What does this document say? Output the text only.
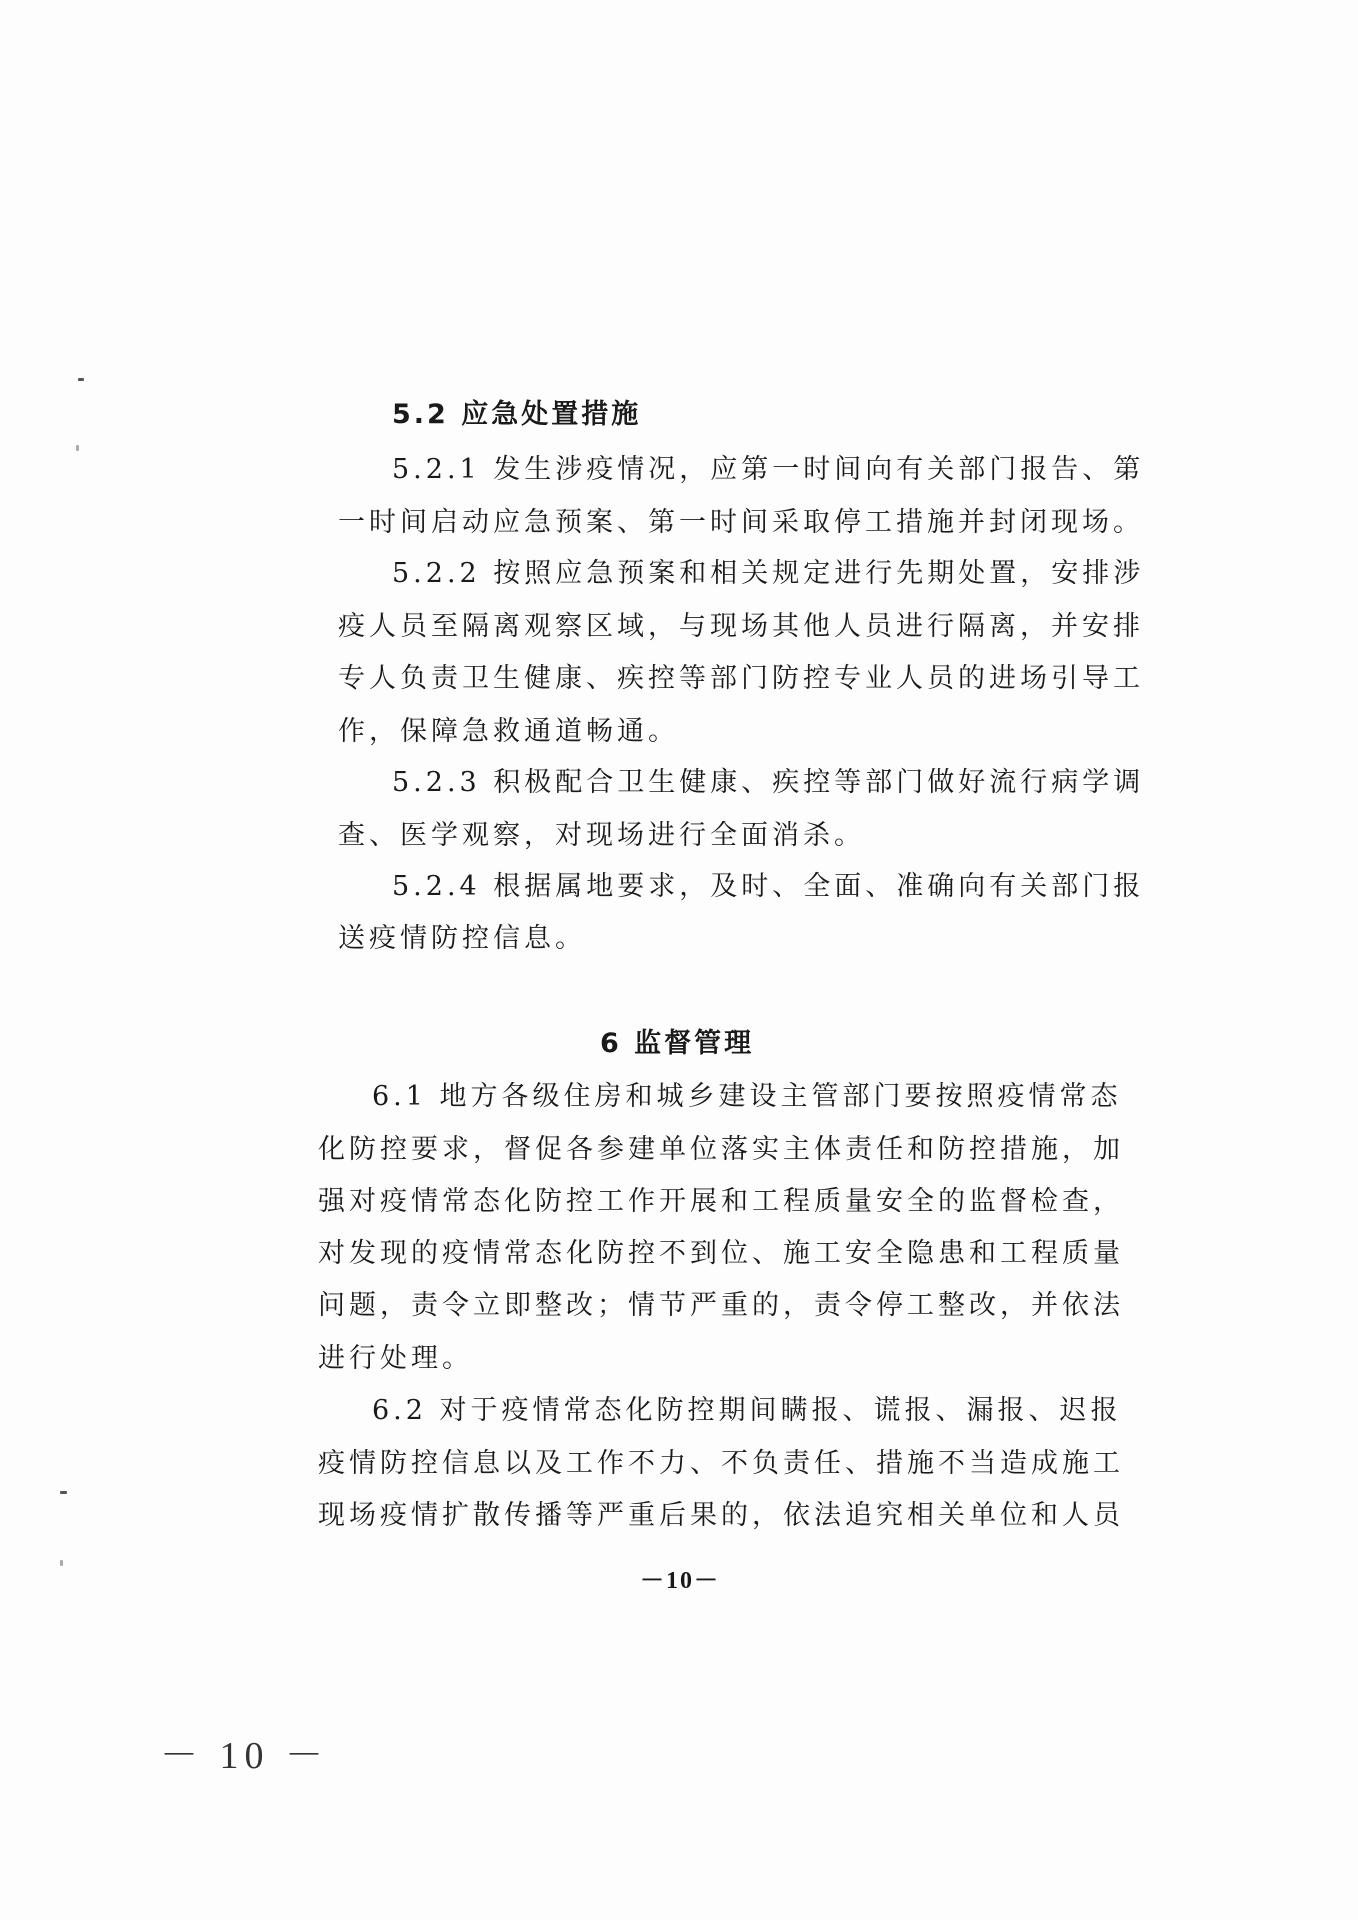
5.2 应急处置措施
5.2.1 发生涉疫情况，应第一时间向有关部门报告、第
一时间启动应急预案、第一时间采取停工措施并封闭现场。
5.2.2 按照应急预案和相关规定进行先期处置，安排涉
疫人员至隔离观察区域，与现场其他人员进行隔离，并安排
专人负责卫生健康、疾控等部门防控专业人员的进场引导工
作，保障急救通道畅通。
5.2.3 积极配合卫生健康、疾控等部门做好流行病学调
查、医学观察，对现场进行全面消杀。
5.2.4 根据属地要求，及时、全面、准确向有关部门报
送疫情防控信息。
6 监督管理
6.1 地方各级住房和城乡建设主管部门要按照疫情常态
化防控要求，督促各参建单位落实主体责任和防控措施，加
强对疫情常态化防控工作开展和工程质量安全的监督检查，
对发现的疫情常态化防控不到位、施工安全隐患和工程质量
问题，责令立即整改；情节严重的，责令停工整改，并依法
进行处理。
6.2 对于疫情常态化防控期间瞒报、谎报、漏报、迟报
疫情防控信息以及工作不力、不负责任、措施不当造成施工
现场疫情扩散传播等严重后果的，依法追究相关单位和人员
－10－
－ 10 －
